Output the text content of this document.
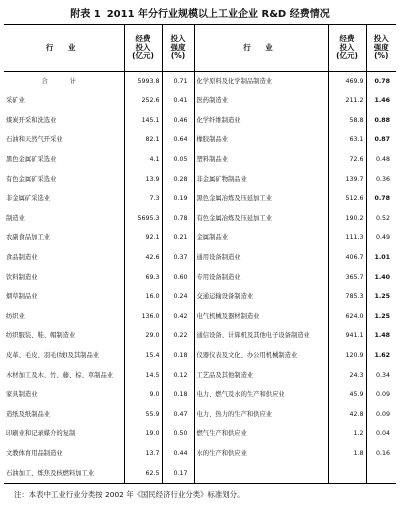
附表 1 2011 年分行业规模以上工业企业 R&D 经费情况
行 业	经费
投入
(亿元)	投入
强度
(%)	行 业	经费
投入
(亿元)	投入
强度
(%)
合 计	5993.8	0.71	化学原料及化学制品制造业	469.9	0.78
采矿业	252.6	0.41	医药制造业	211.2	1.46
煤炭开采和洗选业	145.1	0.46	化学纤维制造业	58.8	0.88
石油和天然气开采业	82.1	0.64	橡胶制品业	63.1	0.87
黑色金属矿采选业	4.1	0.05	塑料制品业	72.6	0.48
有色金属矿采选业	13.9	0.28	非金属矿物制品业	139.7	0.36
非金属矿采选业	7.3	0.19	黑色金属冶炼及压延加工业	512.6	0.78
制造业	5695.3	0.78	有色金属冶炼及压延加工业	190.2	0.52
农副食品加工业	92.1	0.21	金属制品业	111.3	0.49
食品制造业	42.6	0.37	通用设备制造业	406.7	1.01
饮料制造业	69.3	0.60	专用设备制造业	365.7	1.40
烟草制品业	16.0	0.24	交通运输设备制造业	785.3	1.25
纺织业	136.0	0.42	电气机械及器材制造业	624.0	1.25
纺织服装、鞋、帽制造业	29.0	0.22	通信设备、计算机及其他电子设备制造业	941.1	1.48
皮革、毛皮、羽毛(绒)及其制品业	15.4	0.18	仪器仪表及文化、办公用机械制造业	120.9	1.62
木材加工及木、竹、藤、棕、草制品业	14.5	0.12	工艺品及其他制造业	24.3	0.34
家具制造业	9.0	0.18	电力、燃气及水的生产和供应业	45.9	0.09
造纸及纸制品业	55.9	0.47	电力、热力的生产和供应业	42.8	0.09
印刷业和记录媒介的复制	19.0	0.50	燃气生产和供应业	1.2	0.04
文教体育用品制造业	13.7	0.44	水的生产和供应业	1.8	0.16
石油加工、炼焦及核燃料加工业	62.5	0.17			
注：本表中工业行业分类按 2002 年《国民经济行业分类》标准划分。
